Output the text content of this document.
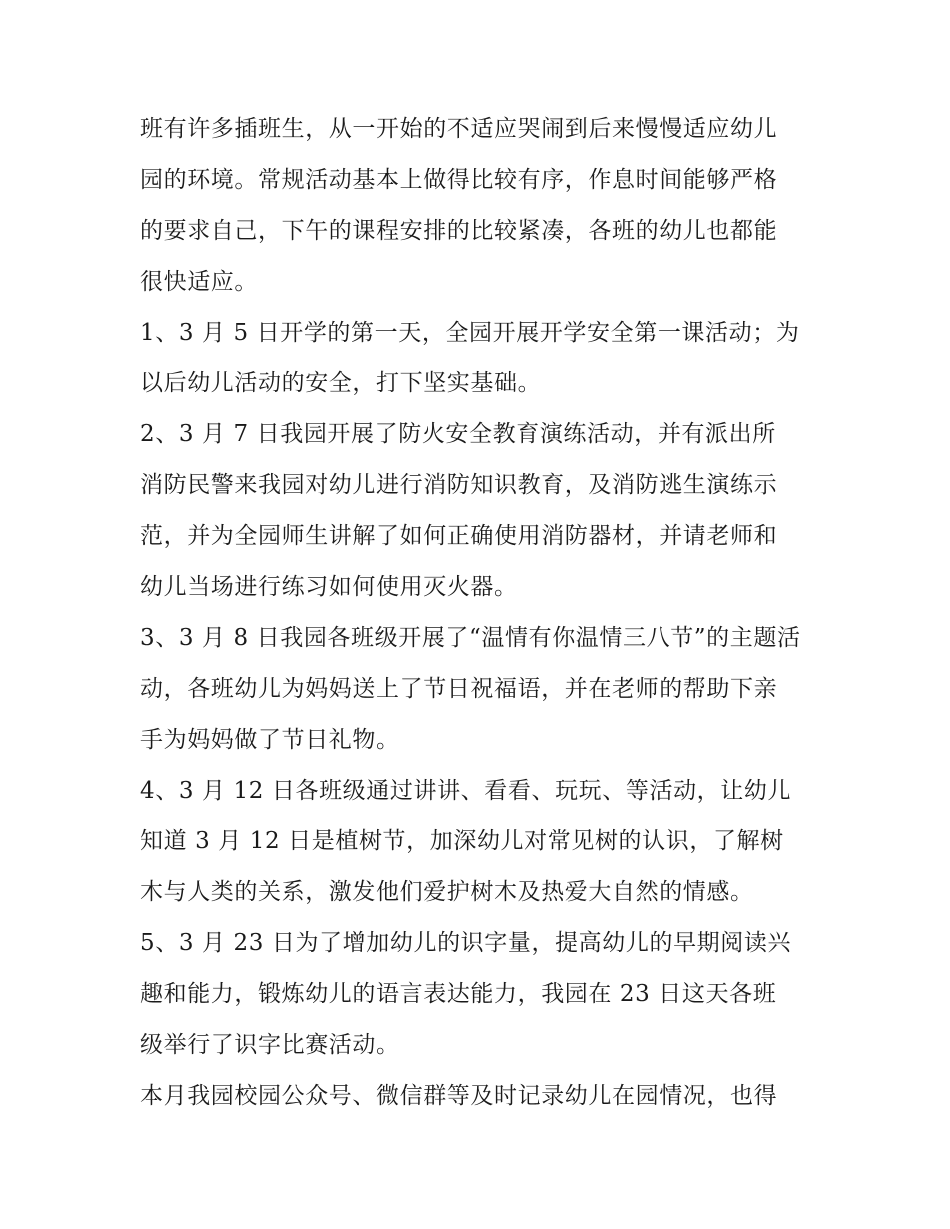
班有许多插班生，从一开始的不适应哭闹到后来慢慢适应幼儿
园的环境。常规活动基本上做得比较有序，作息时间能够严格
的要求自己，下午的课程安排的比较紧凑，各班的幼儿也都能
很快适应。
1、3 月 5 日开学的第一天，全园开展开学安全第一课活动；为
以后幼儿活动的安全，打下坚实基础。
2、3 月 7 日我园开展了防火安全教育演练活动，并有派出所
消防民警来我园对幼儿进行消防知识教育，及消防逃生演练示
范，并为全园师生讲解了如何正确使用消防器材，并请老师和
幼儿当场进行练习如何使用灭火器。
3、3 月 8 日我园各班级开展了“温情有你温情三八节”的主题活
动，各班幼儿为妈妈送上了节日祝福语，并在老师的帮助下亲
手为妈妈做了节日礼物。
4、3 月 12 日各班级通过讲讲、看看、玩玩、等活动，让幼儿
知道 3 月 12 日是植树节，加深幼儿对常见树的认识，了解树
木与人类的关系，激发他们爱护树木及热爱大自然的情感。
5、3 月 23 日为了增加幼儿的识字量，提高幼儿的早期阅读兴
趣和能力，锻炼幼儿的语言表达能力，我园在 23 日这天各班
级举行了识字比赛活动。
本月我园校园公众号、微信群等及时记录幼儿在园情况，也得
